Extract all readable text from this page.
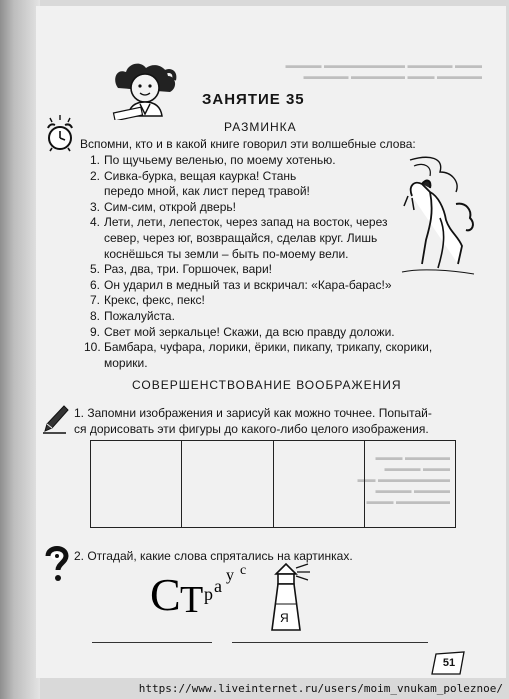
▬▬▬ ▬▬▬▬▬ ▬▬▬▬▬▬▬▬▬ ▬▬▬▬
▬▬▬▬▬ ▬▬▬ ▬▬▬▬▬▬ ▬▬▬▬▬
▬▬▬▬▬ ▬▬▬
▬▬▬ ▬▬▬▬
▬▬▬▬▬▬▬▬ ▬▬
▬▬▬▬ ▬▬▬▬
▬▬▬▬▬▬ ▬▬▬
ЗАНЯТИЕ 35
РАЗМИНКА
Вспомни, кто и в какой книге говорил эти волшебные слова:
1. По щучьему веленью, по моему хотенью.
2. Сивка-бурка, вещая каурка! Стань передо мной, как лист перед травой!
3. Сим-сим, открой дверь!
4. Лети, лети, лепесток, через запад на восток, через север, через юг, возвращайся, сделав круг. Лишь коснёшься ты земли – быть по-моему вели.
5. Раз, два, три. Горшочек, вари!
6. Он ударил в медный таз и вскричал: «Кара-барас!»
7. Крекс, фекс, пекс!
8. Пожалуйста.
9. Свет мой зеркальце! Скажи, да всю правду доложи.
10. Бамбара, чуфара, лорики, ёрики, пикапу, трикапу, скорики, морики.
СОВЕРШЕНСТВОВАНИЕ ВООБРАЖЕНИЯ
1. Запомни изображения и зарисуй как можно точнее. Попытай-
ся дорисовать эти фигуры до какого-либо целого изображения.
2. Отгадай, какие слова спрятались на картинках.
С Т р а
у с
Я
51
https://www.liveinternet.ru/users/moim_vnukam_poleznoe/
